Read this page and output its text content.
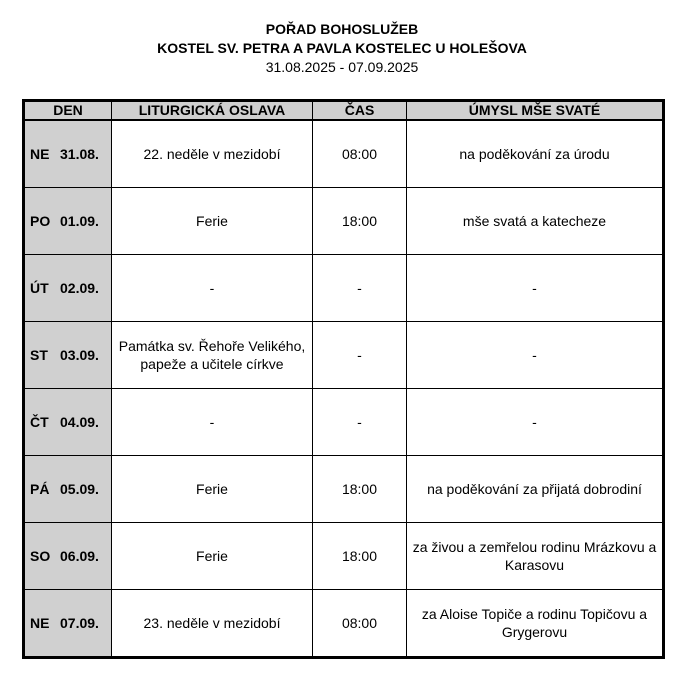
POŘAD BOHOSLUŽEB
KOSTEL SV. PETRA A PAVLA KOSTELEC U HOLEŠOVA
31.08.2025 - 07.09.2025
DEN	LITURGICKÁ OSLAVA	ČAS	ÚMYSL MŠE SVATÉ
NE 31.08.	22. neděle v mezidobí	08:00	na poděkování za úrodu
PO 01.09.	Ferie	18:00	mše svatá a katecheze
ÚT 02.09.	-	-	-
ST 03.09.	Památka sv. Řehoře Velikého, papeže a učitele církve	-	-
ČT 04.09.	-	-	-
PÁ 05.09.	Ferie	18:00	na poděkování za přijatá dobrodiní
SO 06.09.	Ferie	18:00	za živou a zemřelou rodinu Mrázkovu a Karasovu
NE 07.09.	23. neděle v mezidobí	08:00	za Aloise Topiče a rodinu Topičovu a Grygerovu
